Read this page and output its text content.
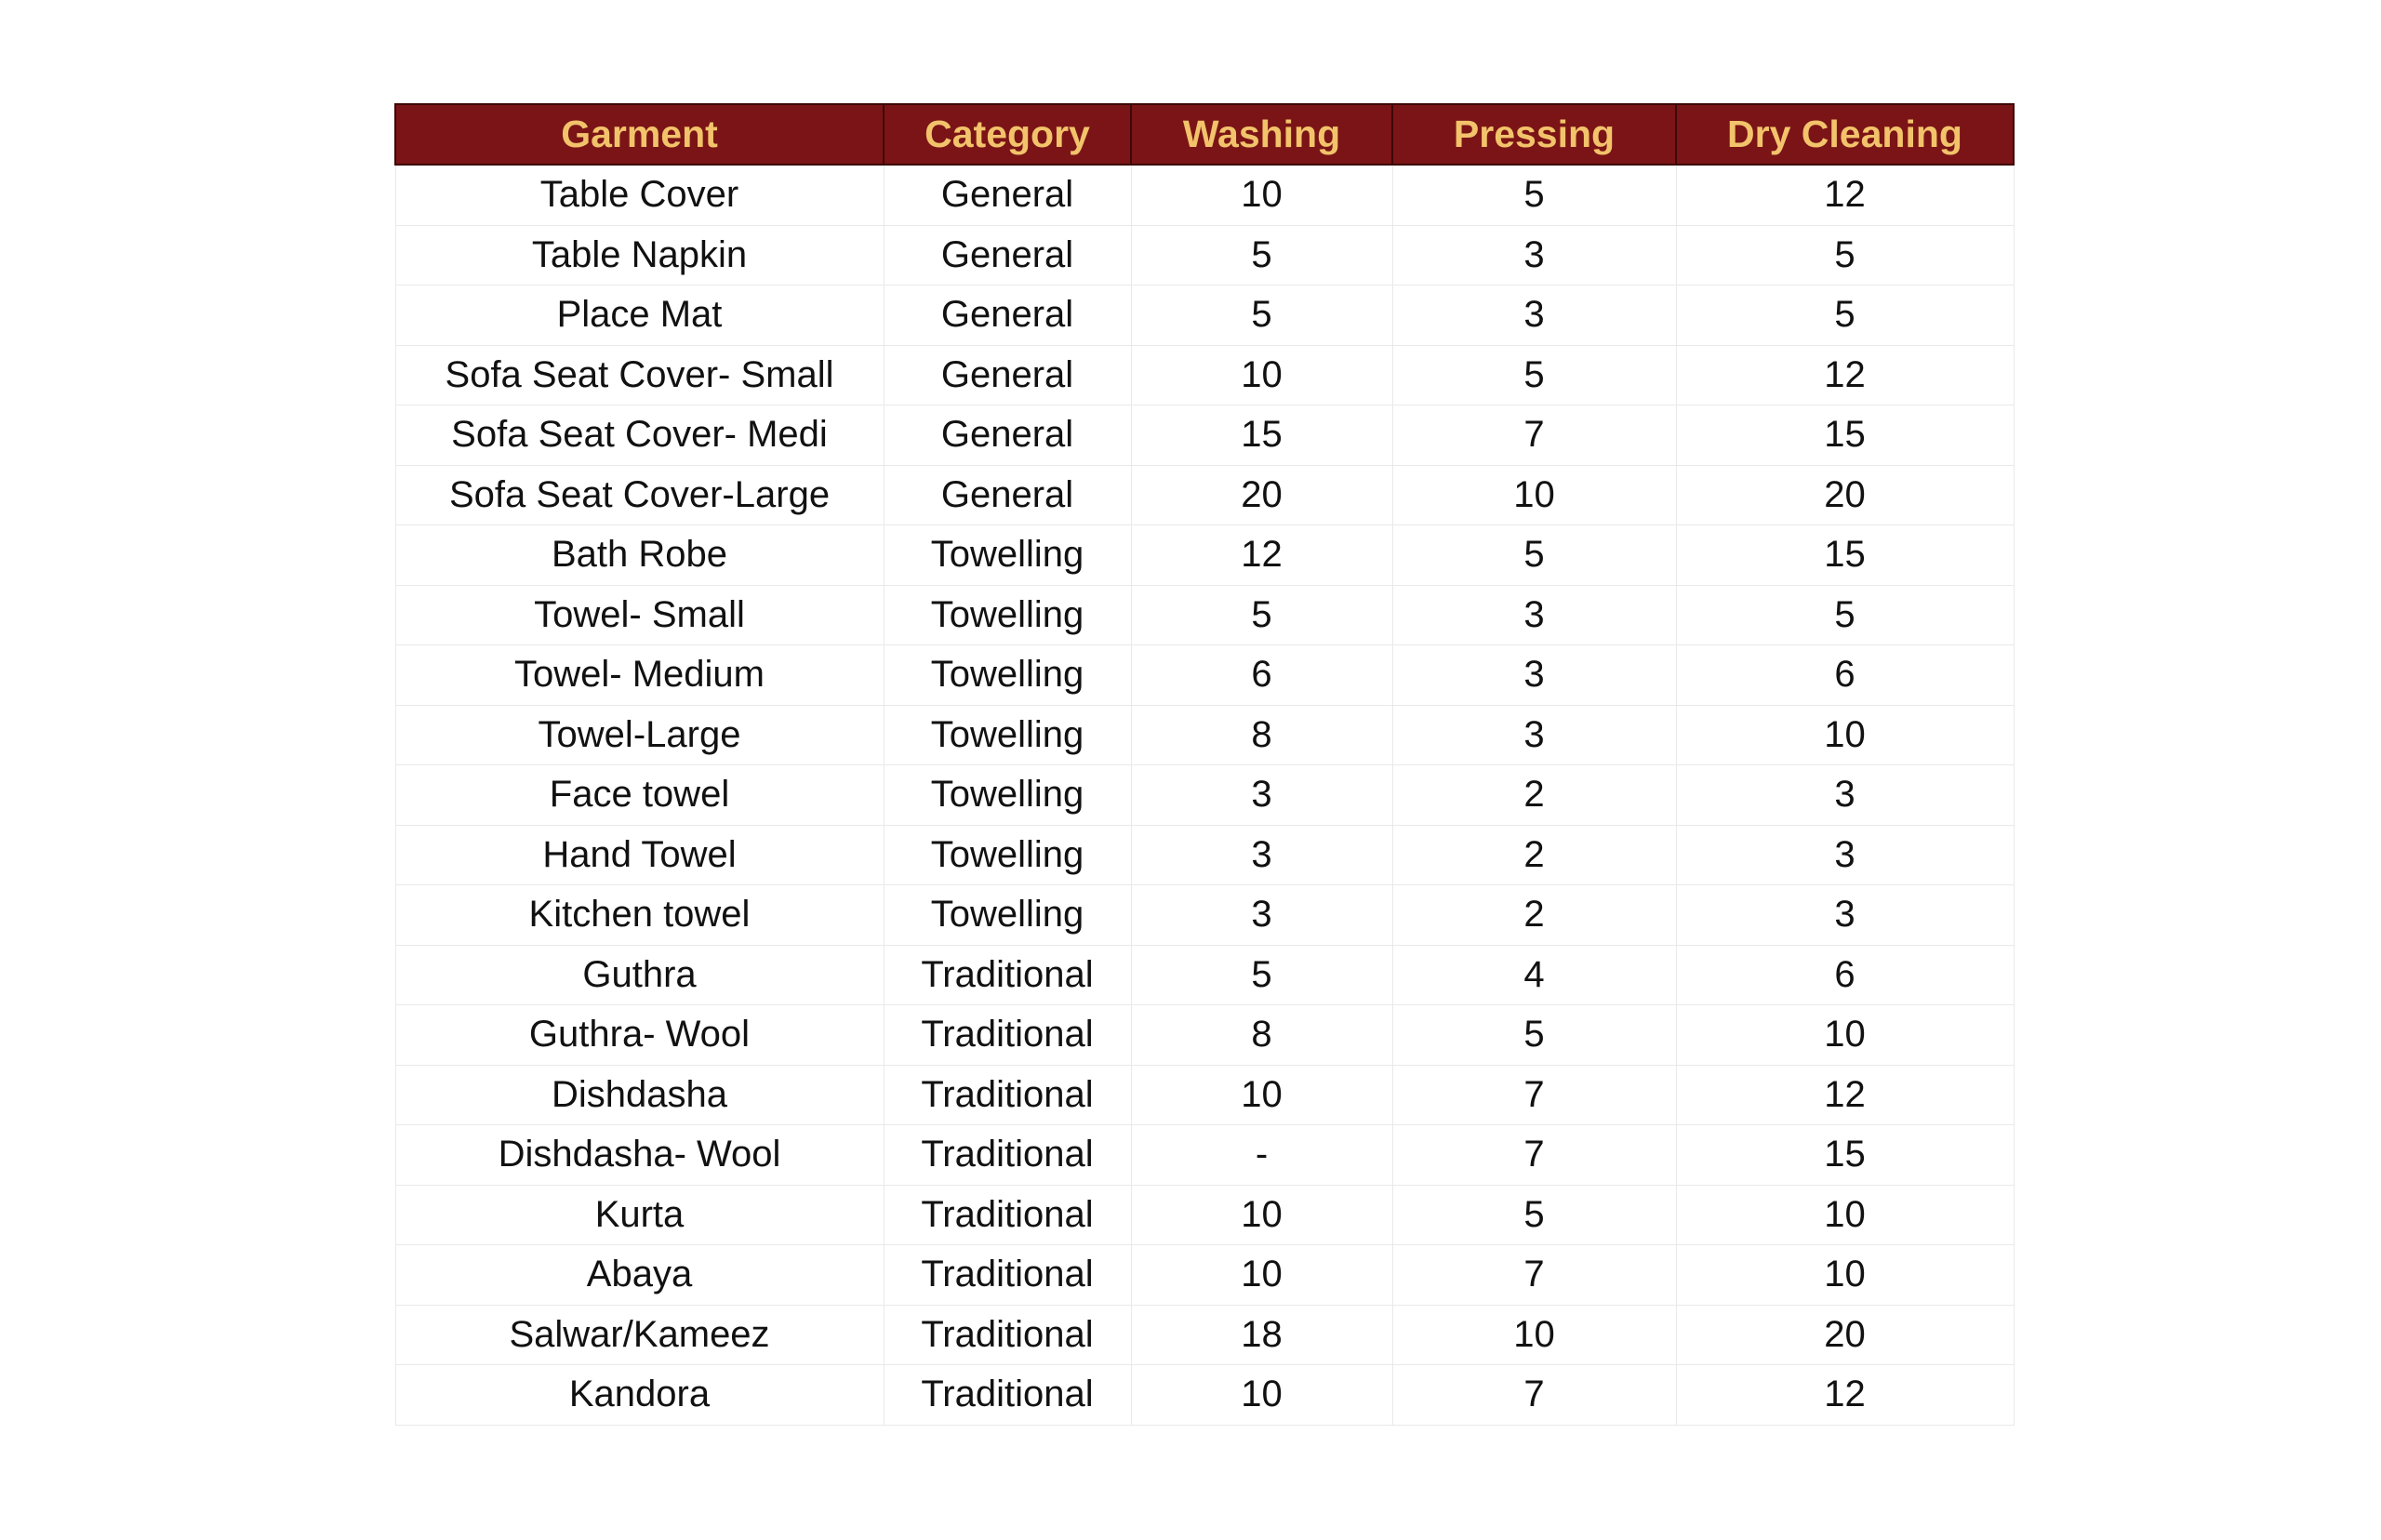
Garment	Category	Washing	Pressing	Dry Cleaning
Table Cover	General	10	5	12
Table Napkin	General	5	3	5
Place Mat	General	5	3	5
Sofa Seat Cover- Small	General	10	5	12
Sofa Seat Cover- Medi	General	15	7	15
Sofa Seat Cover-Large	General	20	10	20
Bath Robe	Towelling	12	5	15
Towel- Small	Towelling	5	3	5
Towel- Medium	Towelling	6	3	6
Towel-Large	Towelling	8	3	10
Face towel	Towelling	3	2	3
Hand Towel	Towelling	3	2	3
Kitchen towel	Towelling	3	2	3
Guthra	Traditional	5	4	6
Guthra- Wool	Traditional	8	5	10
Dishdasha	Traditional	10	7	12
Dishdasha- Wool	Traditional	-	7	15
Kurta	Traditional	10	5	10
Abaya	Traditional	10	7	10
Salwar/Kameez	Traditional	18	10	20
Kandora	Traditional	10	7	12
